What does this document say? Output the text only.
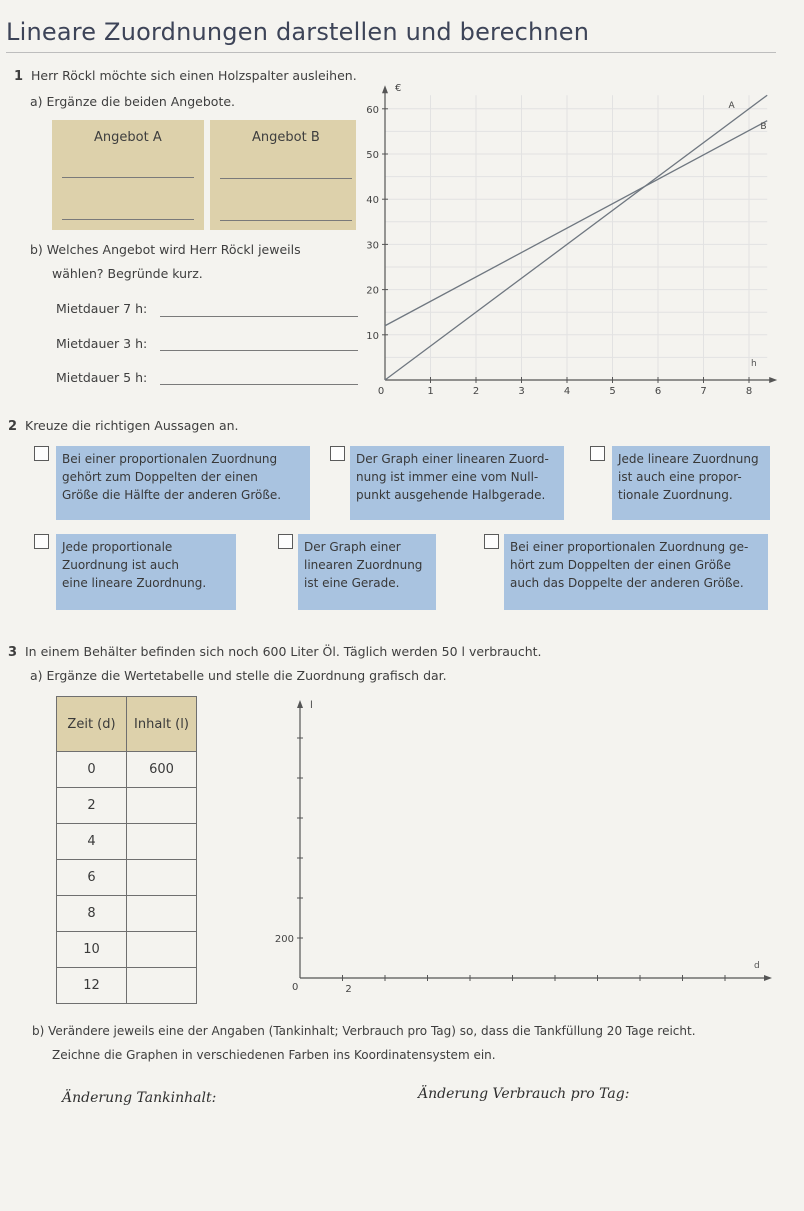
Lineare Zuordnungen darstellen und berechnen
1 Herr Röckl möchte sich einen Holzspalter ausleihen.
a) Ergänze die beiden Angebote.
Angebot A	Angebot B
b) Welches Angebot wird Herr Röckl jeweils
wählen? Begründe kurz.
Mietdauer 7 h:
Mietdauer 3 h:
Mietdauer 5 h:
10
20
30
40
50
60
0	1	2	3	4	5	6	7	8
€
h
A
B
2 Kreuze die richtigen Aussagen an.
Bei einer proportionalen Zuordnung
gehört zum Doppelten der einen
Größe die Hälfte der anderen Größe.
Der Graph einer linearen Zuord-
nung ist immer eine vom Null-
punkt ausgehende Halbgerade.
Jede lineare Zuordnung
ist auch eine propor-
tionale Zuordnung.
Jede proportionale
Zuordnung ist auch
eine lineare Zuordnung.
Der Graph einer
linearen Zuordnung
ist eine Gerade.
Bei einer proportionalen Zuordnung ge-
hört zum Doppelten der einen Größe
auch das Doppelte der anderen Größe.
3 In einem Behälter befinden sich noch 600 Liter Öl. Täglich werden 50 l verbraucht.
a) Ergänze die Wertetabelle und stelle die Zuordnung grafisch dar.
Zeit (d)	Inhalt (l)
0	600
2	
4	
6	
8	
10	
12		0	2
200
d
l
b) Verändere jeweils eine der Angaben (Tankinhalt; Verbrauch pro Tag) so, dass die Tankfüllung 20 Tage reicht.
Zeichne die Graphen in verschiedenen Farben ins Koordinatensystem ein.
Änderung Tankinhalt:	Änderung Verbrauch pro Tag:
